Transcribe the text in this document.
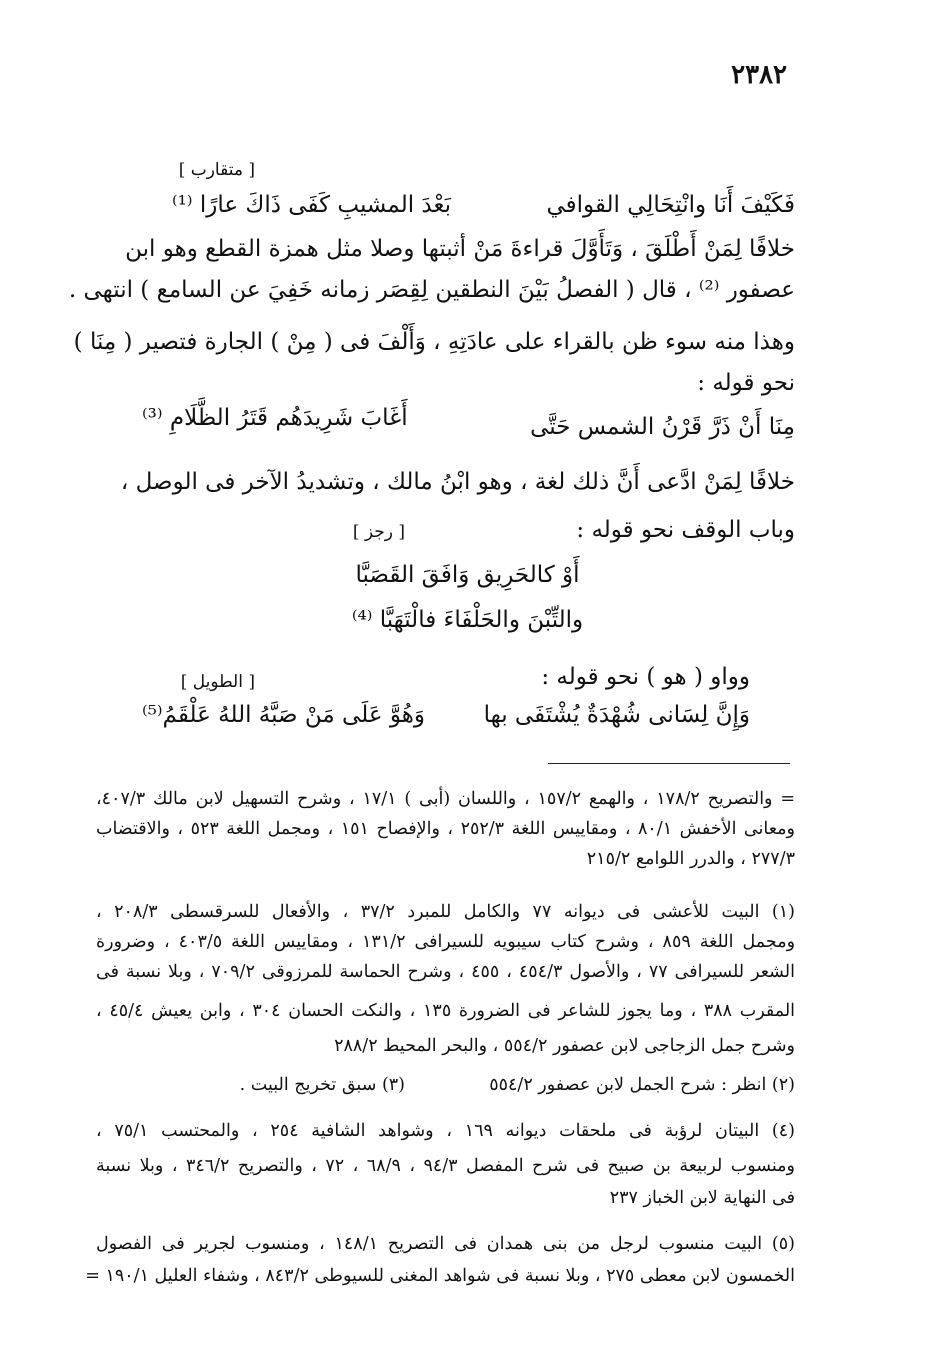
٢٣٨٢
[ متقارب ]
فَكَيْفَ أَنَا وانْتِحَالِي القوافي
بَعْدَ المشيبِ كَفَى ذَاكَ عارًا ⁽¹⁾
خلافًا لِمَنْ أَطْلَقَ ، وَتَأَوَّلَ قراءةَ مَنْ أثبتها وصلا مثل همزة القطع وهو ابن
عصفور ⁽²⁾ ، قال ( الفصلُ بَيْنَ النطقين لِقِصَر زمانه خَفِيَ عن السامع ) انتهى .
وهذا منه سوء ظن بالقراء على عادَتِهِ ، وَأَلْفَ فى ( مِنْ ) الجارة فتصير ( مِنَا )
نحو قوله :
مِنَا أَنْ ذَرَّ قَرْنُ الشمس حَتَّى
أَغَابَ شَرِيدَهُم قَتَرُ الظَّلَامِ ⁽³⁾
خلافًا لِمَنْ ادَّعى أَنَّ ذلك لغة ، وهو ابْنُ مالك ، وتشديدُ الآخر فى الوصل ،
وباب الوقف نحو قوله :
[ رجز ]
أَوْ كالحَرِيق وَافَقَ القَصَبَّا
والتِّبْنَ والحَلْفَاءَ فالْتَهَبَّا ⁽⁴⁾
وواو ( هو ) نحو قوله :
[ الطويل ]
وَإِنَّ لِسَانى شُهْدَةٌ يُشْتَفَى بها
وَهُوَّ عَلَى مَنْ صَبَّهُ اللهُ عَلْقَمُ⁽⁵⁾
= والتصريح ١٧٨/٢ ، والهمع ١٥٧/٢ ، واللسان (أبى ) ١٧/١ ، وشرح التسهيل لابن مالك ٤٠٧/٣،
ومعانى الأخفش ٨٠/١ ، ومقاييس اللغة ٢٥٢/٣ ، والإفصاح ١٥١ ، ومجمل اللغة ٥٢٣ ، والاقتضاب
٢٧٧/٣ ، والدرر اللوامع ٢١٥/٢
(١) البيت للأعشى فى ديوانه ٧٧ والكامل للمبرد ٣٧/٢ ، والأفعال للسرقسطى ٢٠٨/٣ ،
ومجمل اللغة ٨٥٩ ، وشرح كتاب سيبويه للسيرافى ١٣١/٢ ، ومقاييس اللغة ٤٠٣/٥ ، وضرورة
الشعر للسيرافى ٧٧ ، والأصول ٤٥٤/٣ ، ٤٥٥ ، وشرح الحماسة للمرزوقى ٧٠٩/٢ ، وبلا نسبة فى
المقرب ٣٨٨ ، وما يجوز للشاعر فى الضرورة ١٣٥ ، والنكت الحسان ٣٠٤ ، وابن يعيش ٤٥/٤ ،
وشرح جمل الزجاجى لابن عصفور ٥٥٤/٢ ، والبحر المحيط ٢٨٨/٢
(٢) انظر : شرح الجمل لابن عصفور ٥٥٤/٢
(٣) سبق تخريج البيت .
(٤) البيتان لرؤبة فى ملحقات ديوانه ١٦٩ ، وشواهد الشافية ٢٥٤ ، والمحتسب ٧٥/١ ،
ومنسوب لربيعة بن صبيح فى شرح المفصل ٩٤/٣ ، ٦٨/٩ ، ٧٢ ، والتصريح ٣٤٦/٢ ، وبلا نسبة
فى النهاية لابن الخباز ٢٣٧
(٥) البيت منسوب لرجل من بنى همدان فى التصريح ١٤٨/١ ، ومنسوب لجرير فى الفصول
الخمسون لابن معطى ٢٧٥ ، وبلا نسبة فى شواهد المغنى للسيوطى ٨٤٣/٢ ، وشفاء العليل ١٩٠/١ =
